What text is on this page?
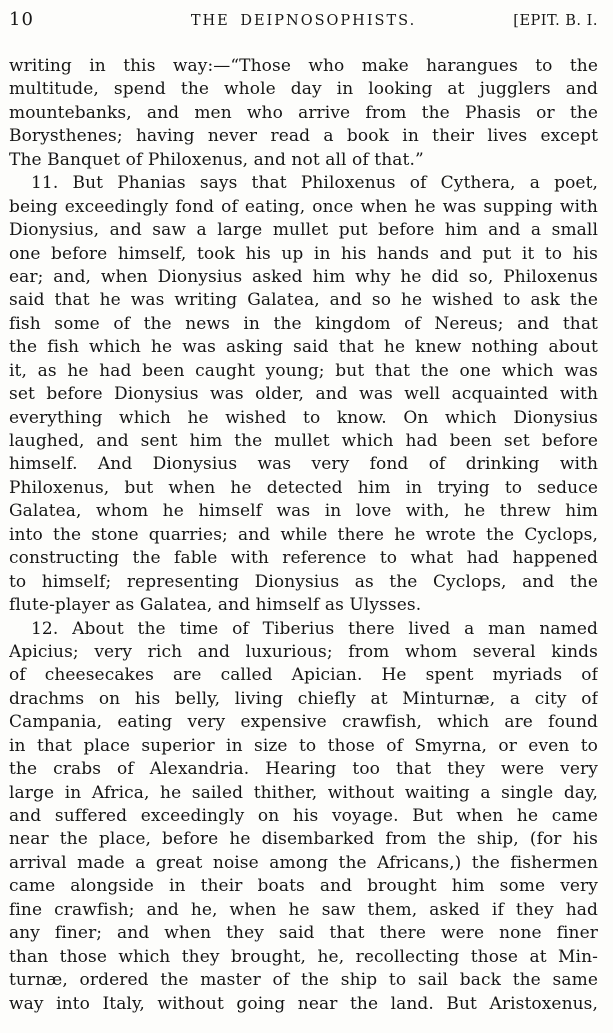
10	THE DEIPNOSOPHISTS.	[EPIT. B. I.
writing in this way:—“Those who make harangues to the
multitude, spend the whole day in looking at jugglers and
mountebanks, and men who arrive from the Phasis or the
Borysthenes; having never read a book in their lives except
The Banquet of Philoxenus, and not all of that.”
11. But Phanias says that Philoxenus of Cythera, a poet,
being exceedingly fond of eating, once when he was supping with
Dionysius, and saw a large mullet put before him and a small
one before himself, took his up in his hands and put it to his
ear; and, when Dionysius asked him why he did so, Philoxenus
said that he was writing Galatea, and so he wished to ask the
fish some of the news in the kingdom of Nereus; and that
the fish which he was asking said that he knew nothing about
it, as he had been caught young; but that the one which was
set before Dionysius was older, and was well acquainted with
everything which he wished to know. On which Dionysius
laughed, and sent him the mullet which had been set before
himself. And Dionysius was very fond of drinking with
Philoxenus, but when he detected him in trying to seduce
Galatea, whom he himself was in love with, he threw him
into the stone quarries; and while there he wrote the Cyclops,
constructing the fable with reference to what had happened
to himself; representing Dionysius as the Cyclops, and the
flute-player as Galatea, and himself as Ulysses.
12. About the time of Tiberius there lived a man named
Apicius; very rich and luxurious; from whom several kinds
of cheesecakes are called Apician. He spent myriads of
drachms on his belly, living chiefly at Minturnæ, a city of
Campania, eating very expensive crawfish, which are found
in that place superior in size to those of Smyrna, or even to
the crabs of Alexandria. Hearing too that they were very
large in Africa, he sailed thither, without waiting a single day,
and suffered exceedingly on his voyage. But when he came
near the place, before he disembarked from the ship, (for his
arrival made a great noise among the Africans,) the fishermen
came alongside in their boats and brought him some very
fine crawfish; and he, when he saw them, asked if they had
any finer; and when they said that there were none finer
than those which they brought, he, recollecting those at Min-
turnæ, ordered the master of the ship to sail back the same
way into Italy, without going near the land. But Aristoxenus,
